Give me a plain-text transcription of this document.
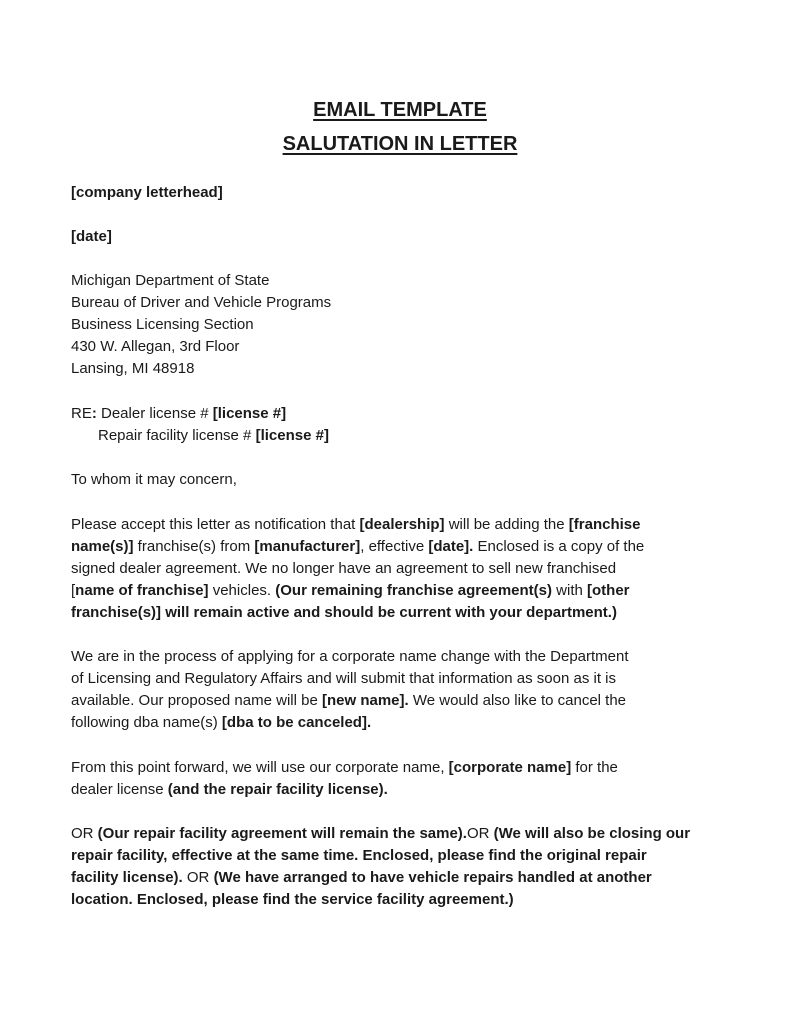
EMAIL TEMPLATE
SALUTATION IN LETTER
[company letterhead]
[date]
Michigan Department of State
Bureau of Driver and Vehicle Programs
Business Licensing Section
430 W. Allegan, 3rd Floor
Lansing, MI 48918
RE: Dealer license # [license #]
Repair facility license # [license #]
To whom it may concern,
Please accept this letter as notification that [dealership] will be adding the [franchise
name(s)] franchise(s) from [manufacturer], effective [date]. Enclosed is a copy of the
signed dealer agreement. We no longer have an agreement to sell new franchised
[name of franchise] vehicles. (Our remaining franchise agreement(s) with [other
franchise(s)] will remain active and should be current with your department.)
We are in the process of applying for a corporate name change with the Department
of Licensing and Regulatory Affairs and will submit that information as soon as it is
available. Our proposed name will be [new name]. We would also like to cancel the
following dba name(s) [dba to be canceled].
From this point forward, we will use our corporate name, [corporate name] for the
dealer license (and the repair facility license).
OR (Our repair facility agreement will remain the same).OR (We will also be closing our
repair facility, effective at the same time. Enclosed, please find the original repair
facility license). OR (We have arranged to have vehicle repairs handled at another
location. Enclosed, please find the service facility agreement.)
